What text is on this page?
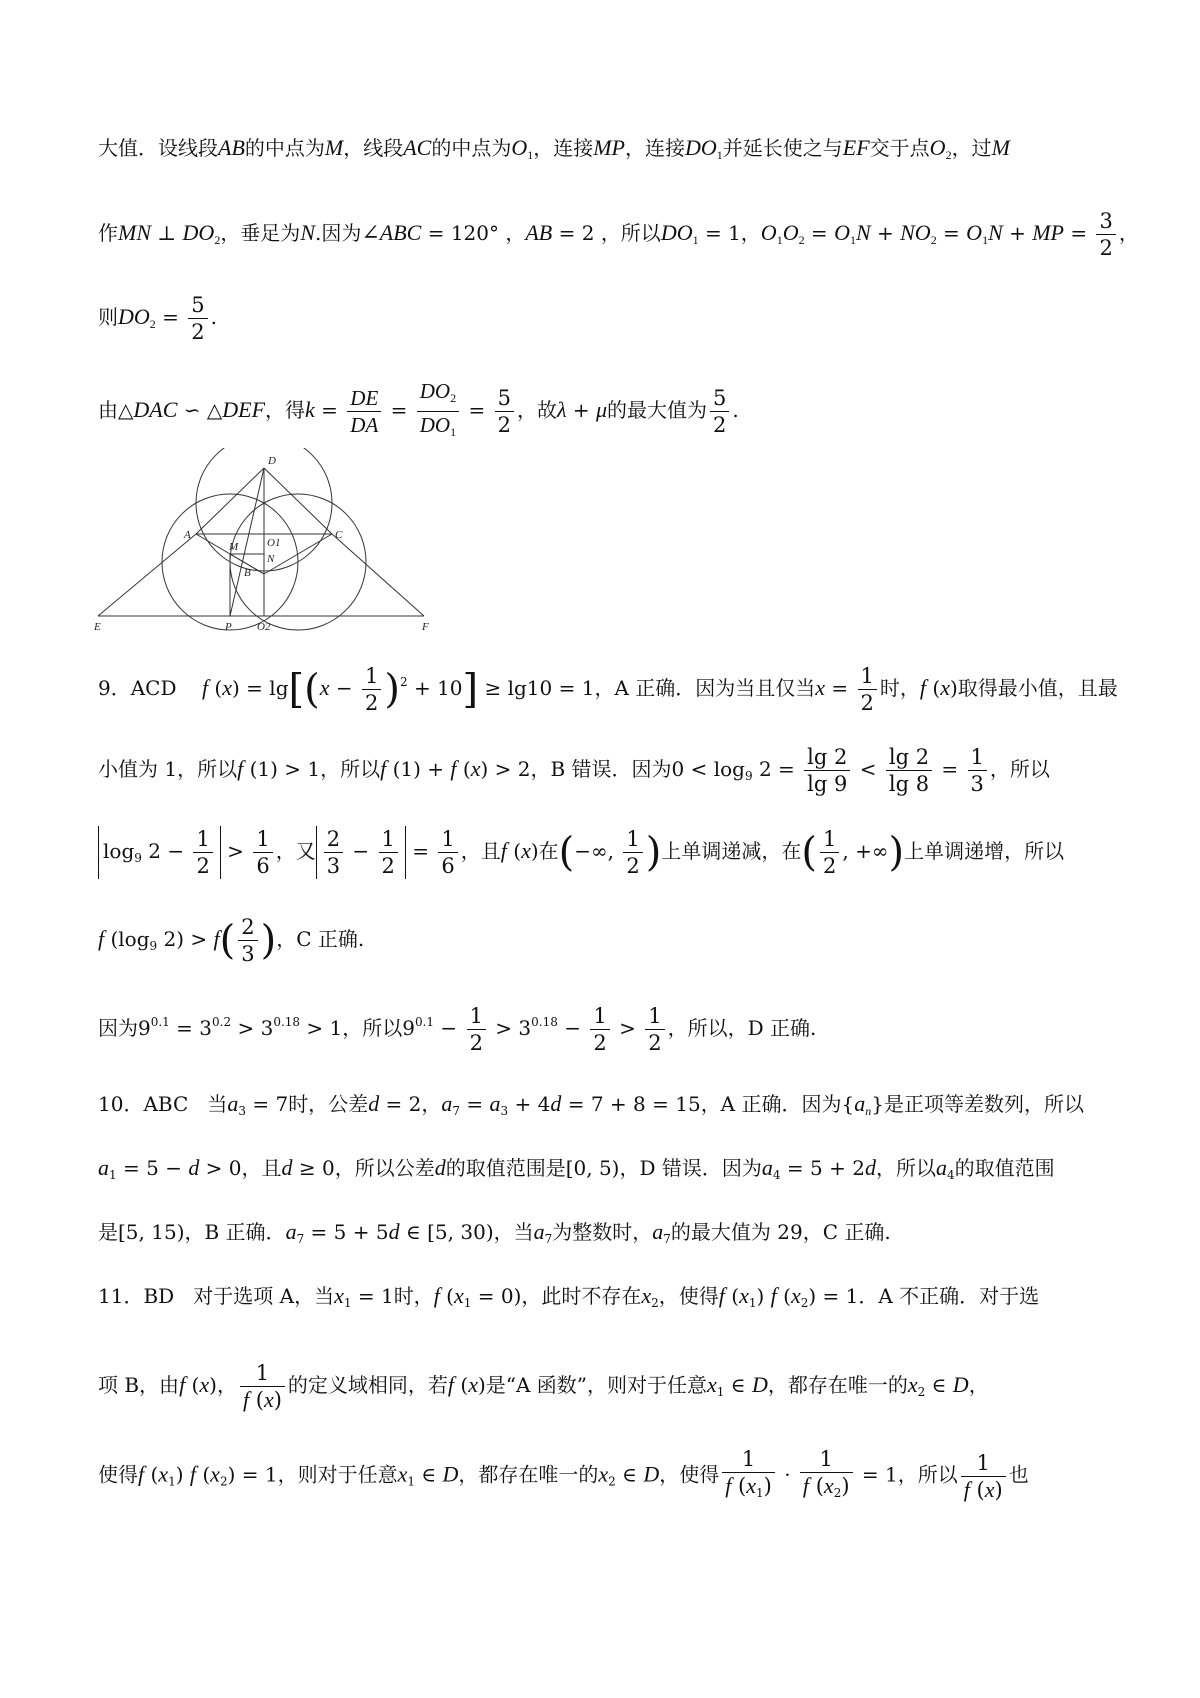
大值．设线段AB的中点为M，线段AC的中点为$O_1$，连接MP，连接$DO_1$并延长使之与EF交于点$O_2$，过M
作MN ⊥ $DO_2$，垂足为N.因为∠ABC = 120° ，AB = 2 ，所以$DO_1 = 1$，$O_1O_2 = O_1N + NO_2 = O_1N$ + MP = $\frac{3}{2}$ ，
则$DO_2 = \frac{5}{2}$ .
由△DAC ∽ △DEF，得$k = \frac{DE}{DA} = \frac{DO_2}{DO_1} = \frac{5}{2}$ ，故λ + μ的最大值为 $\frac{5}{2}$ .
D
A	C
M	O1
N
B
E	P O2	F
9．ACD f $(x) = \lg[(x - \frac{1}{2} )^2 + 10] \ge \lg 10 = 1$，A 正确．因为当且仅当$x = \frac{1}{2}$ 时，f (x)取得最小值，且最
小值为 1，所以f (1) > 1，所以f (1) + f (x) > 2，B 错误．因为$0 < \log_9 2 = \frac{\lg 2}{\lg 9} < \frac{\lg 2}{\lg 8} = \frac{1}{3}$ ，所以
$\log_9 2 - \frac{1}{2} > \frac{1}{6}$ ，又 $\frac{2}{3} - \frac{1}{2} = \frac{1}{6}$ ，且f (x)在(−∞, $\frac{1}{2}$ )上单调递减，在( $\frac{1}{2}$ , +∞)上单调递增，所以
f ($\log_9$ $2) > f( \frac{2}{3}$ )，C 正确.
因为$9^{0.1} = 3^{0.2} > 3^{0.18} > 1$，所以$9^{0.1} - \frac{1}{2} > 3^{0.18} - \frac{1}{2} > \frac{1}{2}$ ，所以，D 正确.
10．ABC 当$a_3 = 7$时，公差d = 2，$a_7 = a_3 + 4d = 7 + 8 = 15$，A 正确．因为$\{a_n\}$是正项等差数列，所以
$a_1 = 5 - d > 0$，且d ≥ 0，所以公差d的取值范围是[0, 5)，D 错误．因为$a_4 = 5 + 2d$，所以$a_4$的取值范围
是[5, 15)，B 正确．$a_7 = 5 + 5d$ ∈ [5, 30)，当$a_7$为整数时，$a_7$的最大值为 29，C 正确.
11．BD 对于选项 A，当$x_1 = 1$时，f $(x_1 = 0)$，此时不存在$x_2$，使得f $(x_1)$ f $(x_2) = 1$．A 不正确．对于选
项 B，由f (x)， $\frac{1}{f (x)}$ 的定义域相同，若f (x)是“A 函数”，则对于任意$x_1$ ∈ D，都存在唯一的$x_2$ ∈ D，
使得f $(x_1)$ f $(x_2) = 1$，则对于任意$x_1$ ∈ D，都存在唯一的$x_2$ ∈ D，使得 $\frac{1}{f (x_1)} \cdot \frac{1}{f (x_2)} = 1$，所以 $\frac{1}{f (x)}$ 也
